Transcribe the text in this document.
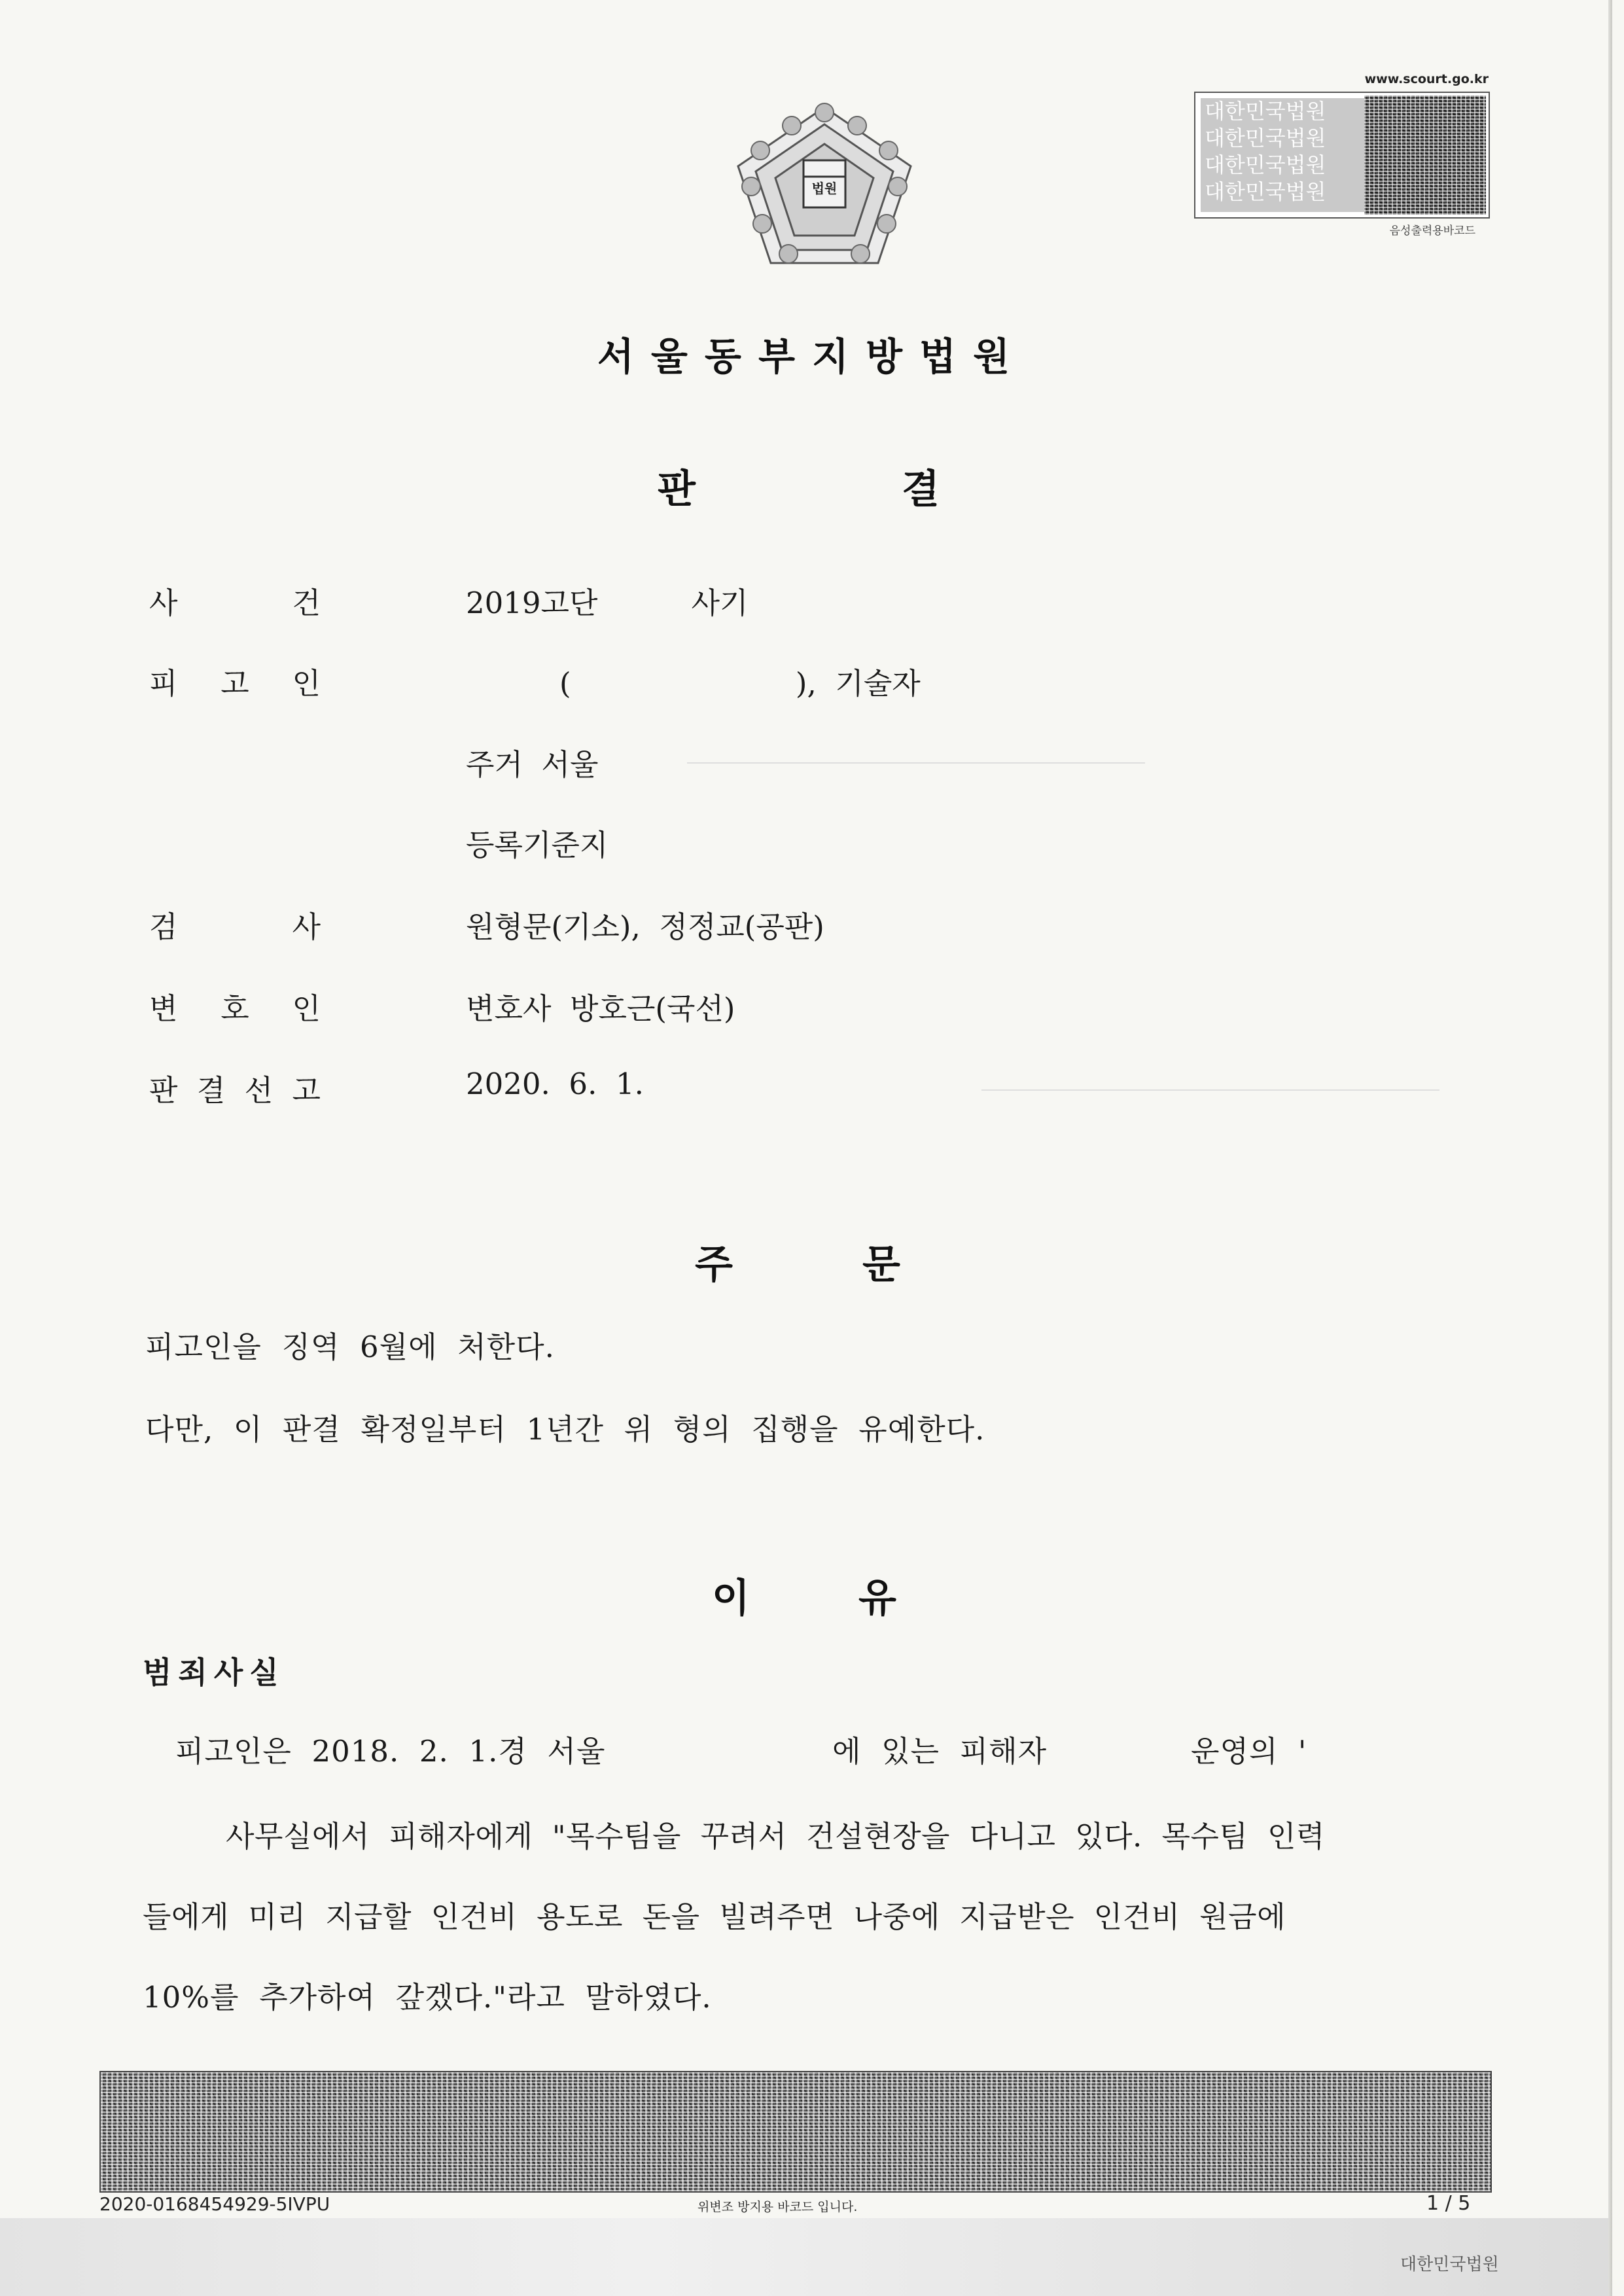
법원
www.scourt.go.kr
대한민국법원
대한민국법원
대한민국법원
대한민국법원
음성출력용바코드
서울동부지방법원
판	결
사	건	2019고단          사기
피 고 인	(                        ),  기술자
주거  서울
등록기준지
검	사	원형문(기소),  정정교(공판)
변 호 인	변호사  방호근(국선)
판 결 선 고	2020.  6.  1.
주	문
피고인을  징역  6월에  처한다.
다만,  이  판결  확정일부터  1년간  위  형의  집행을  유예한다.
이	유
범죄사실
피고인은  2018.  2.  1.경  서울	에  있는  피해자	운영의  '
사무실에서  피해자에게  "목수팀을  꾸려서  건설현장을  다니고  있다.  목수팀  인력
들에게  미리  지급할  인건비  용도로  돈을  빌려주면  나중에  지급받은  인건비  원금에
10%를  추가하여  갚겠다."라고  말하였다.
2020-0168454929-5IVPU	위변조 방지용 바코드 입니다.	1 / 5
대한민국법원
